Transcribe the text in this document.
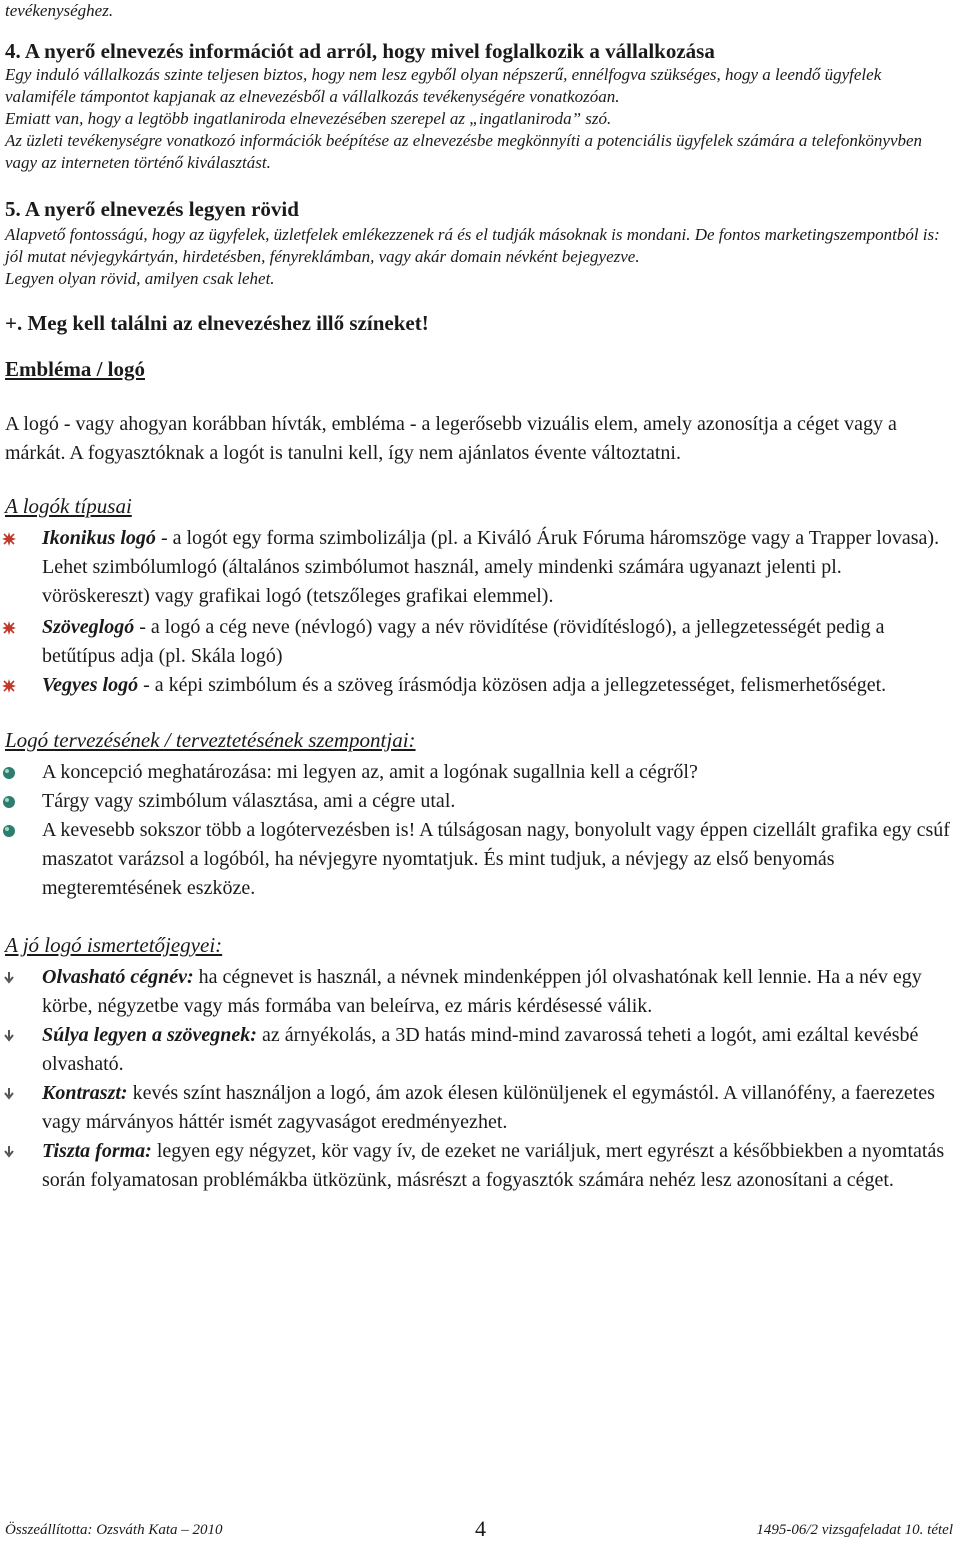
tevékenységhez.
4. A nyerő elnevezés információt ad arról, hogy mivel foglalkozik a vállalkozása
Egy induló vállalkozás szinte teljesen biztos, hogy nem lesz egyből olyan népszerű, ennélfogva szükséges, hogy a leendő ügyfelek valamiféle támpontot kapjanak az elnevezésből a vállalkozás tevékenységére vonatkozóan.
Emiatt van, hogy a legtöbb ingatlaniroda elnevezésében szerepel az „ingatlaniroda” szó.
Az üzleti tevékenységre vonatkozó információk beépítése az elnevezésbe megkönnyíti a potenciális ügyfelek számára a telefonkönyvben vagy az interneten történő kiválasztást.
5. A nyerő elnevezés legyen rövid
Alapvető fontosságú, hogy az ügyfelek, üzletfelek emlékezzenek rá és el tudják másoknak is mondani. De fontos marketingszempontból is: jól mutat névjegykártyán, hirdetésben, fényreklámban, vagy akár domain névként bejegyezve.
Legyen olyan rövid, amilyen csak lehet.
+. Meg kell találni az elnevezéshez illő színeket!
Embléma / logó
A logó - vagy ahogyan korábban hívták, embléma - a legerősebb vizuális elem, amely azonosítja a céget vagy a márkát. A fogyasztóknak a logót is tanulni kell, így nem ajánlatos évente változtatni.
A logók típusai
Ikonikus logó - a logót egy forma szimbolizálja (pl. a Kiváló Áruk Fóruma háromszöge vagy a Trapper lovasa). Lehet szimbólumlogó (általános szimbólumot használ, amely mindenki számára ugyanazt jelenti pl. vöröskereszt) vagy grafikai logó (tetszőleges grafikai elemmel).
Szöveglogó - a logó a cég neve (névlogó) vagy a név rövidítése (rövidítéslogó), a jellegzetességét pedig a betűtípus adja (pl. Skála logó)
Vegyes logó - a képi szimbólum és a szöveg írásmódja közösen adja a jellegzetességet, felismerhetőséget.
Logó tervezésének / terveztetésének szempontjai:
A koncepció meghatározása: mi legyen az, amit a logónak sugallnia kell a cégről?
Tárgy vagy szimbólum választása, ami a cégre utal.
A kevesebb sokszor több a logótervezésben is! A túlságosan nagy, bonyolult vagy éppen cizellált grafika egy csúf maszatot varázsol a logóból, ha névjegyre nyomtatjuk. És mint tudjuk, a névjegy az első benyomás megteremtésének eszköze.
A jó logó ismertetőjegyei:
Olvasható cégnév: ha cégnevet is használ, a névnek mindenképpen jól olvashatónak kell lennie. Ha a név egy körbe, négyzetbe vagy más formába van beleírva, ez máris kérdésessé válik.
Súlya legyen a szövegnek: az árnyékolás, a 3D hatás mind-mind zavarossá teheti a logót, ami ezáltal kevésbé olvasható.
Kontraszt: kevés színt használjon a logó, ám azok élesen különüljenek el egymástól. A villanófény, a faerezetes vagy márványos háttér ismét zagyvaságot eredményezhet.
Tiszta forma: legyen egy négyzet, kör vagy ív, de ezeket ne variáljuk, mert egyrészt a későbbiekben a nyomtatás során folyamatosan problémákba ütközünk, másrészt a fogyasztók számára nehéz lesz azonosítani a céget.
Összeállította: Ozsváth Kata – 2010	4	1495-06/2 vizsgafeladat 10. tétel
